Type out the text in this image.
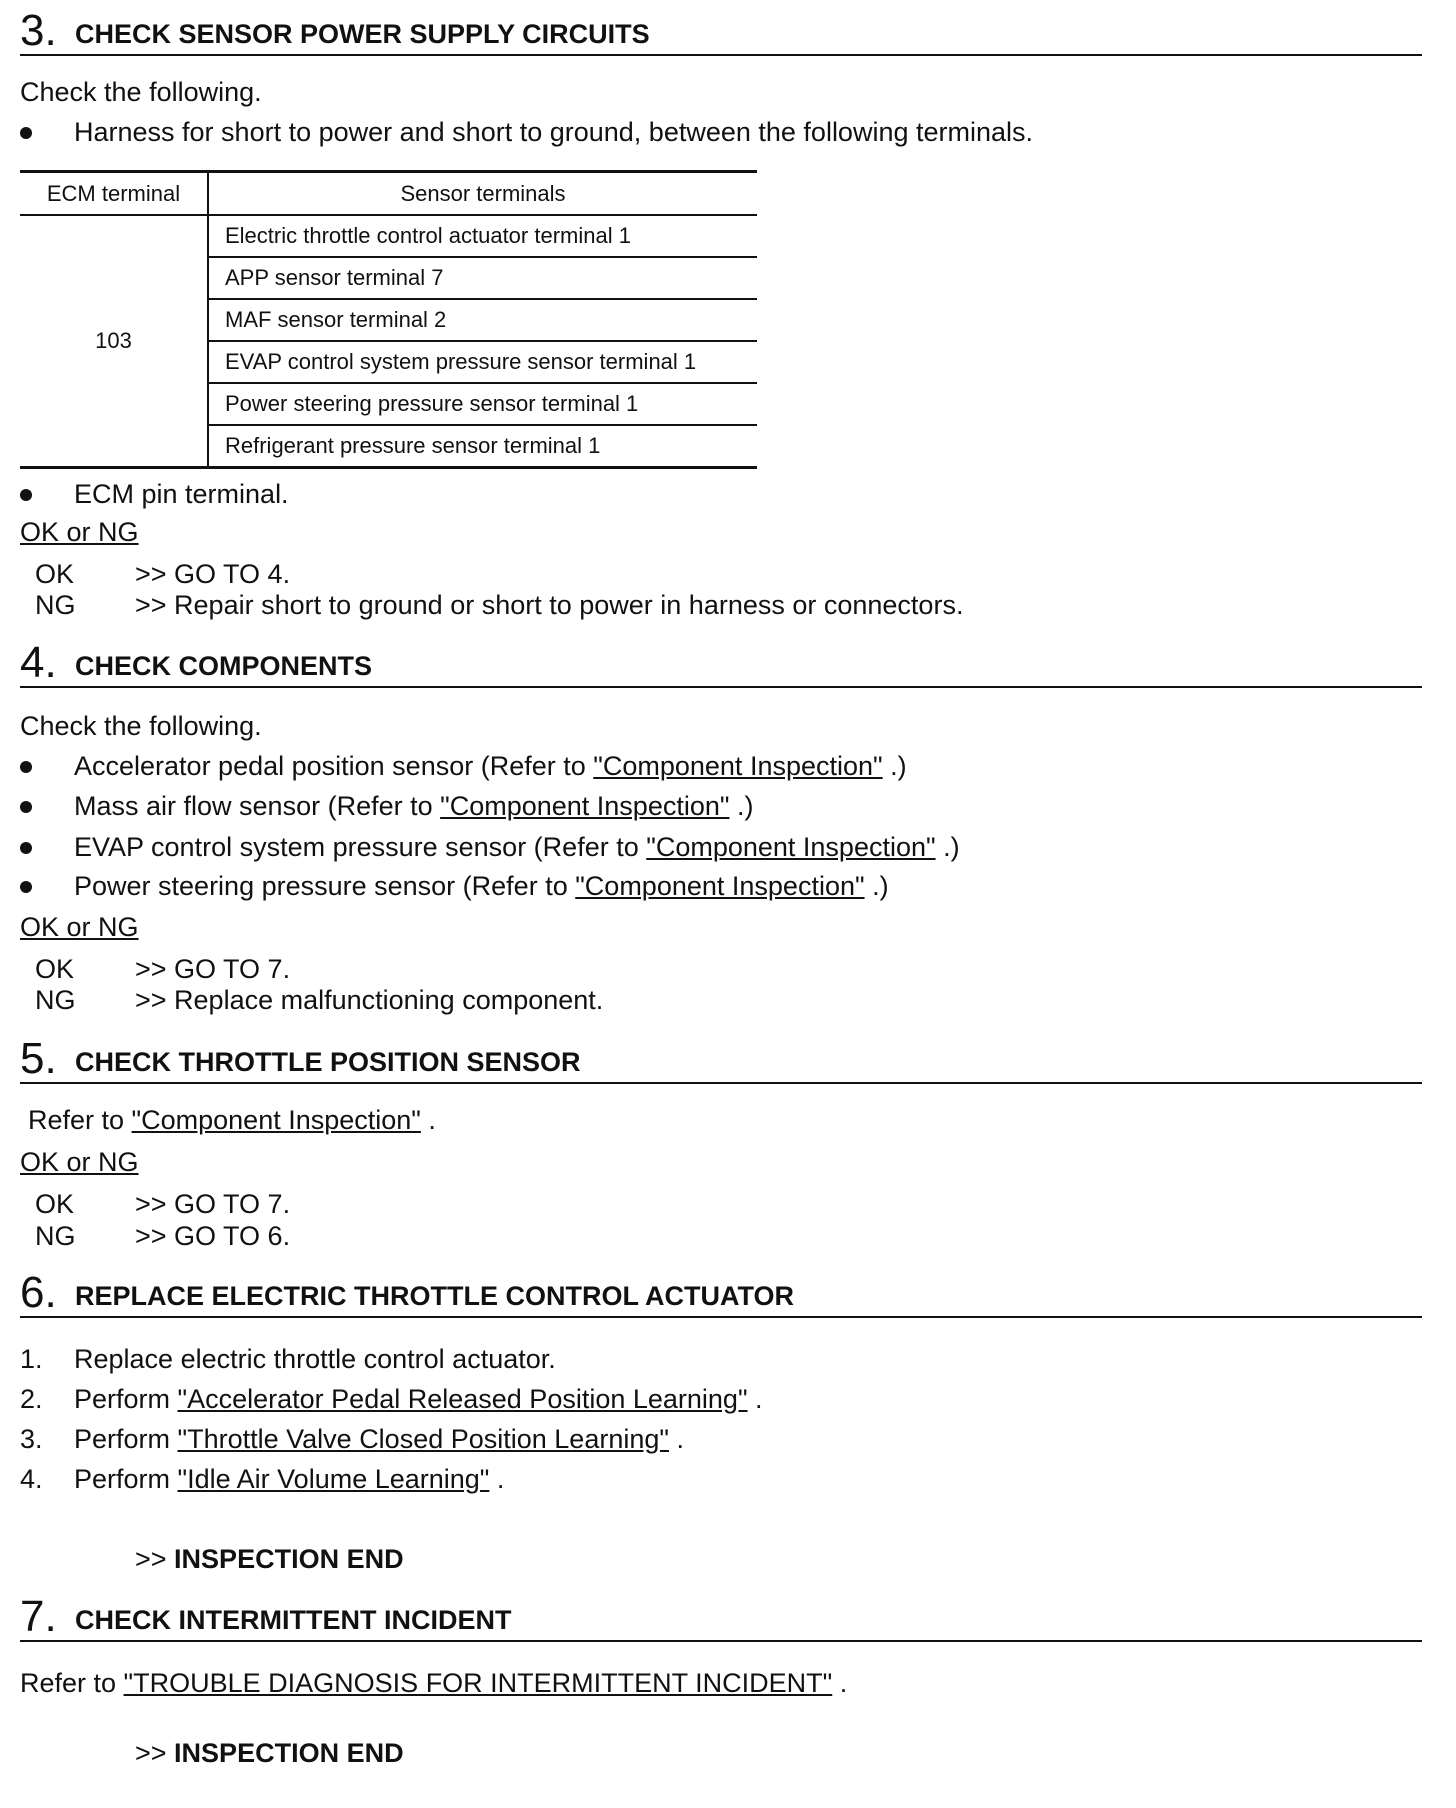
3. CHECK SENSOR POWER SUPPLY CIRCUITS
Check the following.
Harness for short to power and short to ground, between the following terminals.
ECM terminal	Sensor terminals
103	Electric throttle control actuator terminal 1
	APP sensor terminal 7
	MAF sensor terminal 2
	EVAP control system pressure sensor terminal 1
	Power steering pressure sensor terminal 1
	Refrigerant pressure sensor terminal 1
ECM pin terminal.
OK or NG
OK >> GO TO 4.
NG >> Repair short to ground or short to power in harness or connectors.
4. CHECK COMPONENTS
Check the following.
Accelerator pedal position sensor (Refer to "Component Inspection" .)
Mass air flow sensor (Refer to "Component Inspection" .)
EVAP control system pressure sensor (Refer to "Component Inspection" .)
Power steering pressure sensor (Refer to "Component Inspection" .)
OK or NG
OK >> GO TO 7.
NG >> Replace malfunctioning component.
5. CHECK THROTTLE POSITION SENSOR
Refer to "Component Inspection" .
OK or NG
OK >> GO TO 7.
NG >> GO TO 6.
6. REPLACE ELECTRIC THROTTLE CONTROL ACTUATOR
1. Replace electric throttle control actuator.
2. Perform "Accelerator Pedal Released Position Learning" .
3. Perform "Throttle Valve Closed Position Learning" .
4. Perform "Idle Air Volume Learning" .
>> INSPECTION END
7. CHECK INTERMITTENT INCIDENT
Refer to "TROUBLE DIAGNOSIS FOR INTERMITTENT INCIDENT" .
>> INSPECTION END
